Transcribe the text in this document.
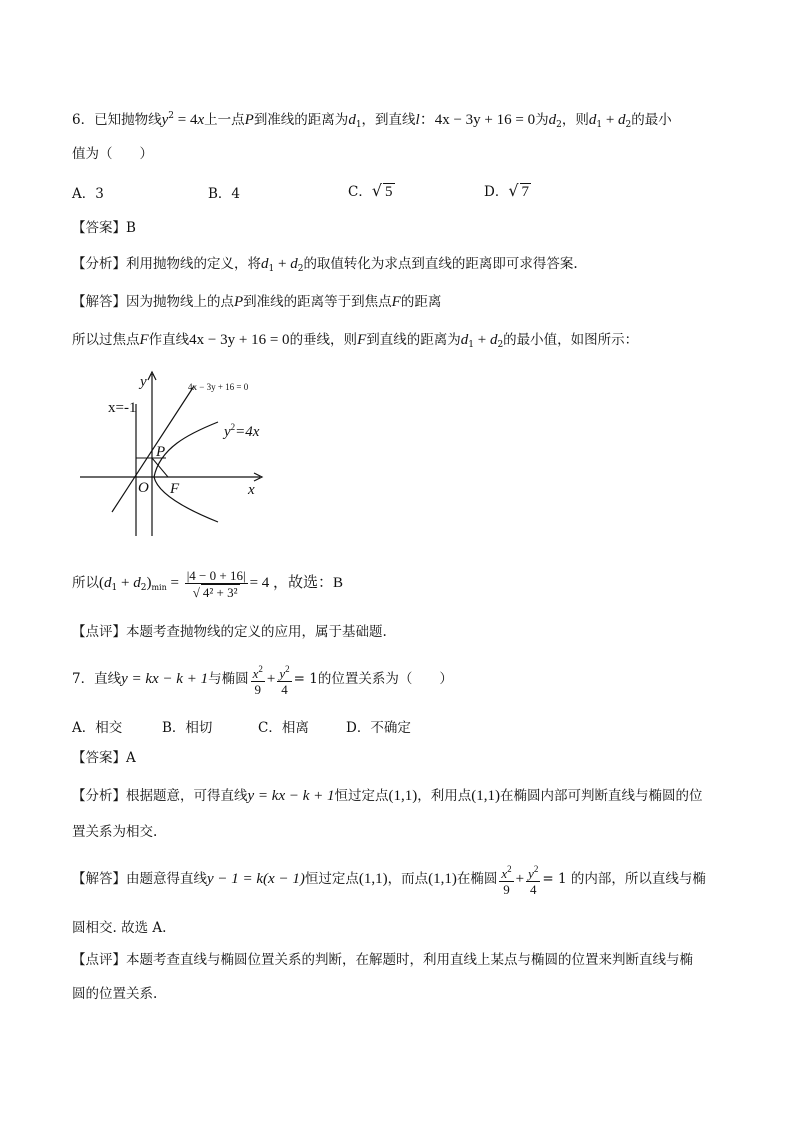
6．已知抛物线$y^2 = 4x$上一点P到准线的距离为$d_1$，到直线l：4x − 3y + 16 = 0为$d_2$，则$d_1 + d_2$的最小
值为（　　）
A．3	B．4	C．√ 5	D．√ 7
【答案】B
【分析】利用抛物线的定义，将$d_1 + d_2$的取值转化为求点到直线的距离即可求得答案.
【解答】因为抛物线上的点P到准线的距离等于到焦点F的距离
所以过焦点F作直线4x − 3y + 16 = 0的垂线，则F到直线的距离为$d_1 + d_2$的最小值，如图所示：
4x − 3y + 16 = 0
x=-1
y
x
$y^2=4x$
P
O F
所以$(d_1 + d_2)_{min} = \frac{|4 - 0 + 16|}{\text{√ 4² + 3²}} = 4$ ，故选：B
【点评】本题考查抛物线的定义的应用，属于基础题.
7．直线y = kx − k + 1与椭圆 $\frac{x^2}{9} + \frac{y^2}{4} = 1$的位置关系为（　　）
A．相交	B．相切	C．相离	D．不确定
【答案】A
【分析】根据题意，可得直线y = kx − k + 1恒过定点(1,1)，利用点(1,1)在椭圆内部可判断直线与椭圆的位
置关系为相交.
【解答】由题意得直线y − 1 = k(x − 1)恒过定点(1,1)，而点(1,1)在椭圆 $\frac{x^2}{9} + \frac{y^2}{4} = 1$ 的内部，所以直线与椭
圆相交. 故选 A.
【点评】本题考查直线与椭圆位置关系的判断，在解题时，利用直线上某点与椭圆的位置来判断直线与椭
圆的位置关系.
